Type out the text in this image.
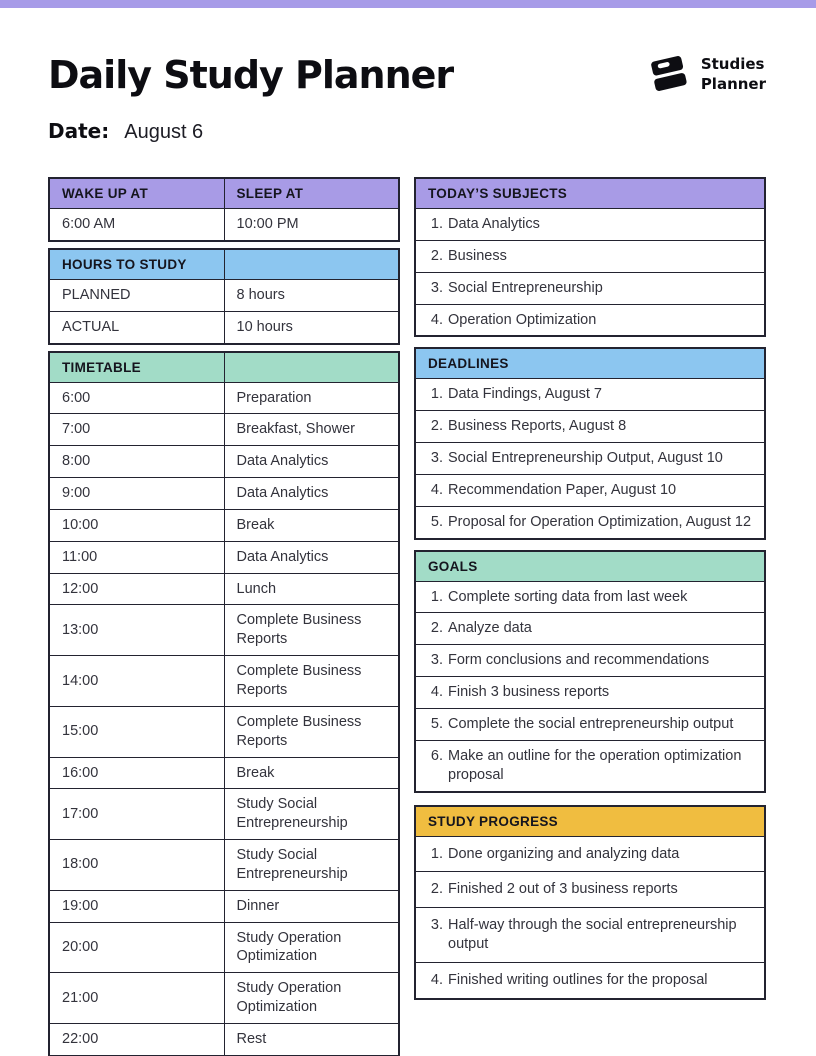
Daily Study Planner	Studies
Planner
Date: August 6
WAKE UP AT	SLEEP AT
6:00 AM	10:00 PM
HOURS TO STUDY	
PLANNED	8 hours
ACTUAL	10 hours
TIMETABLE	
6:00	Preparation
7:00	Breakfast, Shower
8:00	Data Analytics
9:00	Data Analytics
10:00	Break
11:00	Data Analytics
12:00	Lunch
13:00	Complete Business Reports
14:00	Complete Business Reports
15:00	Complete Business Reports
16:00	Break
17:00	Study Social Entrepreneurship
18:00	Study Social Entrepreneurship
19:00	Dinner
20:00	Study Operation Optimization
21:00	Study Operation Optimization
22:00	Rest
TODAY’S SUBJECTS

1. Data Analytics

2. Business

3. Social Entrepreneurship

4. Operation Optimization
DEADLINES

1. Data Findings, August 7

2. Business Reports, August 8

3. Social Entrepreneurship Output, August 10

4. Recommendation Paper, August 10

5. Proposal for Operation Optimization, August 12
GOALS

1. Complete sorting data from last week

2. Analyze data

3. Form conclusions and recommendations

4. Finish 3 business reports

5. Complete the social entrepreneurship output

6. Make an outline for the operation optimization proposal
STUDY PROGRESS

1. Done organizing and analyzing data

2. Finished 2 out of 3 business reports

3. Half-way through the social entrepreneurship output

4. Finished writing outlines for the proposal
